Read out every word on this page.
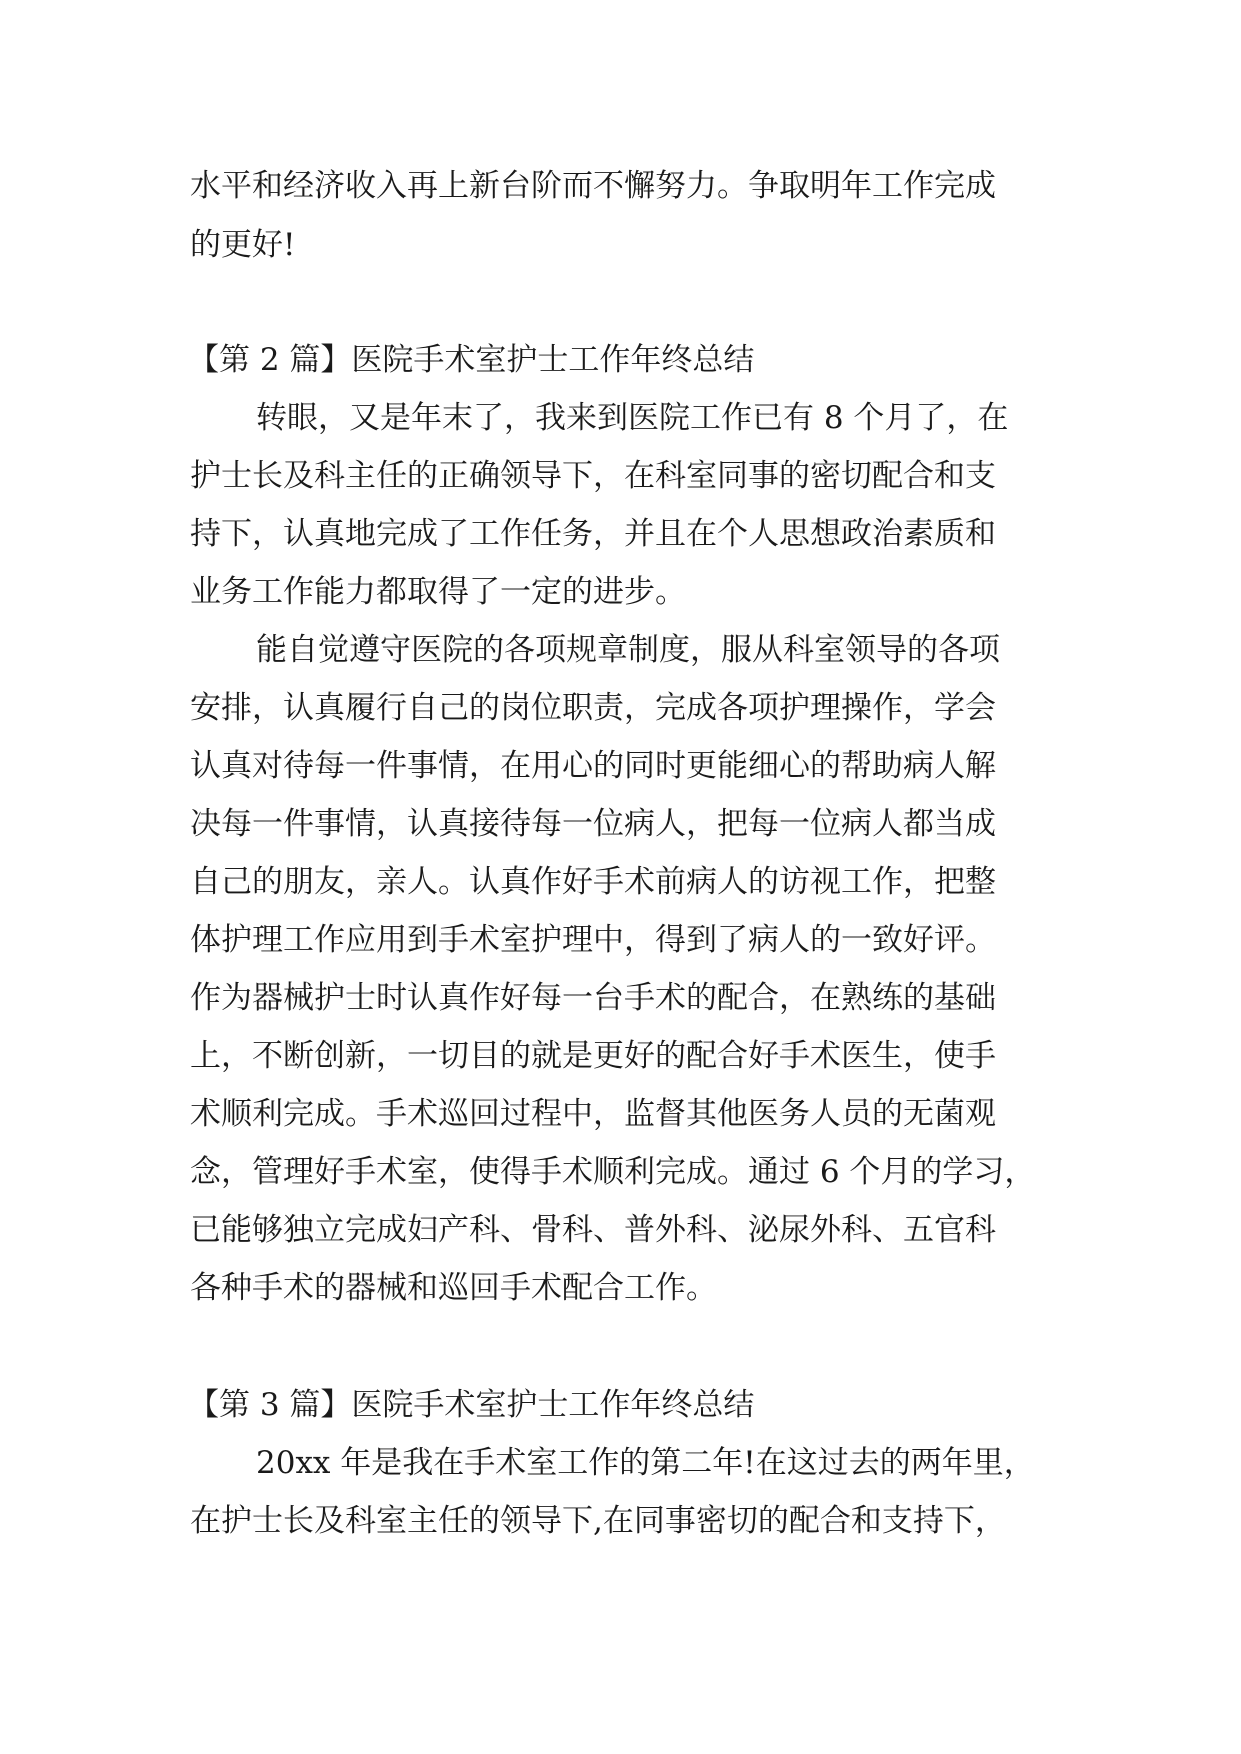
水平和经济收入再上新台阶而不懈努力。争取明年工作完成
的更好!
【第 2 篇】医院手术室护士工作年终总结
转眼，又是年末了，我来到医院工作已有 8 个月了，在
护士长及科主任的正确领导下，在科室同事的密切配合和支
持下，认真地完成了工作任务，并且在个人思想政治素质和
业务工作能力都取得了一定的进步。
能自觉遵守医院的各项规章制度，服从科室领导的各项
安排，认真履行自己的岗位职责，完成各项护理操作，学会
认真对待每一件事情，在用心的同时更能细心的帮助病人解
决每一件事情，认真接待每一位病人，把每一位病人都当成
自己的朋友，亲人。认真作好手术前病人的访视工作，把整
体护理工作应用到手术室护理中，得到了病人的一致好评。
作为器械护士时认真作好每一台手术的配合，在熟练的基础
上，不断创新，一切目的就是更好的配合好手术医生，使手
术顺利完成。手术巡回过程中，监督其他医务人员的无菌观
念，管理好手术室，使得手术顺利完成。通过 6 个月的学习，
已能够独立完成妇产科、骨科、普外科、泌尿外科、五官科
各种手术的器械和巡回手术配合工作。
【第 3 篇】医院手术室护士工作年终总结
20xx 年是我在手术室工作的第二年!在这过去的两年里，
在护士长及科室主任的领导下,在同事密切的配合和支持下，
